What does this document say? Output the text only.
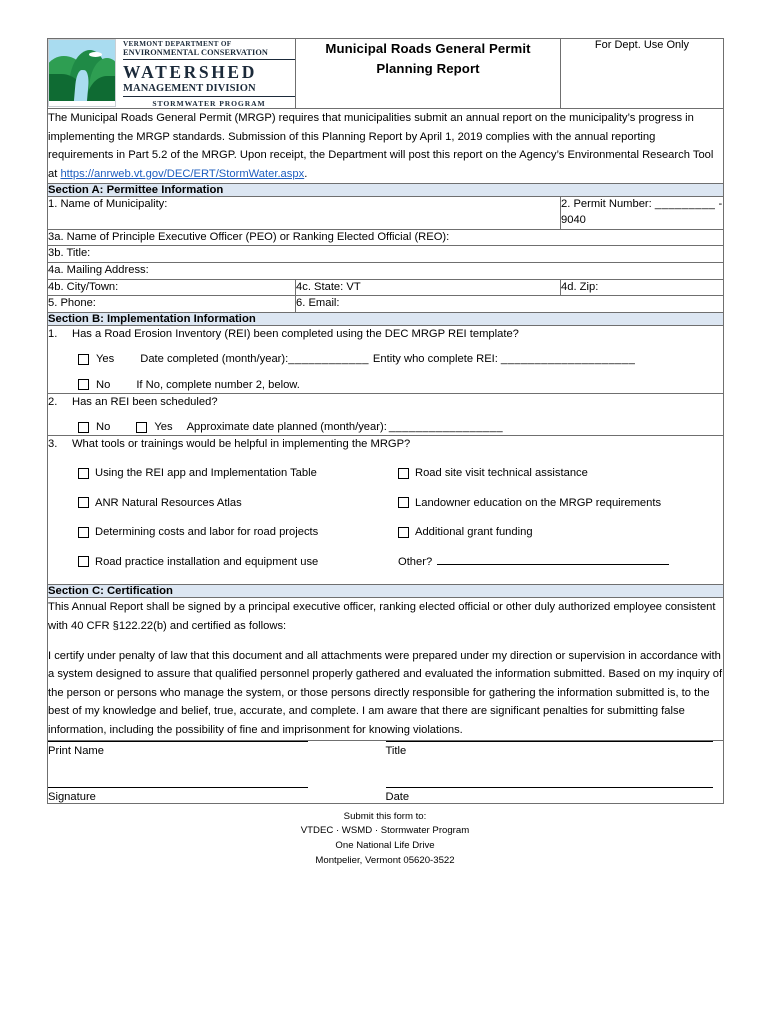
VERMONT DEPARTMENT OF
ENVIRONMENTAL CONSERVATION
WATERSHED
MANAGEMENT DIVISION
STORMWATER PROGRAM

Municipal Roads General Permit
Planning Report

For Dept. Use Only

The Municipal Roads General Permit (MRGP) requires that municipalities submit an annual report on the municipality’s progress in implementing the MRGP standards. Submission of this Planning Report by April 1, 2019 complies with the annual reporting requirements in Part 5.2 of the MRGP. Upon receipt, the Department will post this report on the Agency’s Environmental Research Tool at https://anrweb.vt.gov/DEC/ERT/StormWater.aspx.		

Section A: Permittee Information		
1. Name of Municipality:		2. Permit Number: _________ - 9040
3a. Name of Principle Executive Officer (PEO) or Ranking Elected Official (REO):		
3b. Title:		
4a. Mailing Address:		
4b. City/Town:	4c. State: VT	4d. Zip:
5. Phone:	6. Email:	
Section B: Implementation Information		

1.	Has a Road Erosion Inventory (REI) been completed using the DEC MRGP REI template?
Yes Date completed (month/year): ____________ Entity who complete REI: ____________________
No If No, complete number 2, below.

2.	Has an REI been scheduled?
No	Yes Approximate date planned (month/year): _________________

3.	What tools or trainings would be helpful in implementing the MRGP?
Using the REI app and Implementation Table	Road site visit technical assistance
ANR Natural Resources Atlas	Landowner education on the MRGP requirements
Determining costs and labor for road projects	Additional grant funding
Road practice installation and equipment use	Other?

Section C: Certification		

This Annual Report shall be signed by a principal executive officer, ranking elected official or other duly authorized employee consistent with 40 CFR §122.22(b) and certified as follows:

I certify under penalty of law that this document and all attachments were prepared under my direction or supervision in accordance with a system designed to assure that qualified personnel properly gathered and evaluated the information submitted. Based on my inquiry of the person or persons who manage the system, or those persons directly responsible for gathering the information submitted is, to the best of my knowledge and belief, true, accurate, and complete. I am aware that there are significant penalties for submitting false information, including the possibility of fine and imprisonment for knowing violations.		

Print Name Title
Signature Date		
Submit this form to:
VTDEC · WSMD · Stormwater Program
One National Life Drive
Montpelier, Vermont 05620-3522
